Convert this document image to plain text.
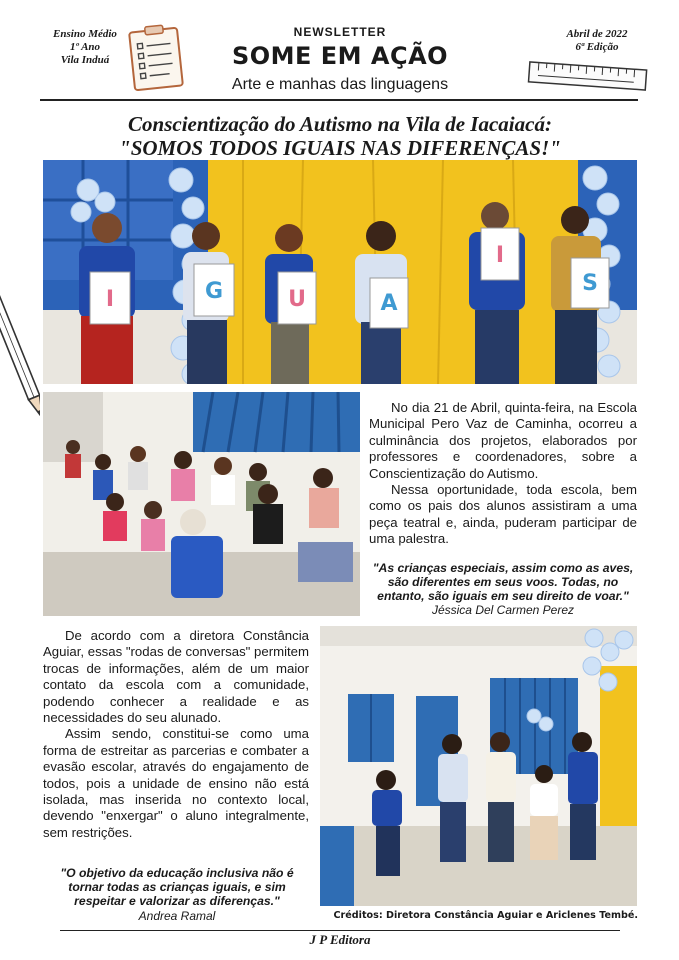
Ensino Médio
1º Ano
Vila Induá
NEWSLETTER
SOME EM AÇÃO
Arte e manhas das linguagens
Abril de 2022
6ª Edição
Conscientização do Autismo na Vila de Iacaiacá:
"SOMOS TODOS IGUAIS NAS DIFERENÇAS!"
I	G	U	A
I
S

No dia 21 de Abril, quinta-feira, na Escola Municipal Pero Vaz de Caminha, ocorreu a culminância dos projetos, elaborados por professores e coordenadores, sobre a Conscientização do Autismo.

Nessa oportunidade, toda escola, bem como os pais dos alunos assistiram a uma peça teatral e, ainda, puderam participar de uma palestra.

"As crianças especiais, assim como as aves, são diferentes em seus voos. Todas, no entanto, são iguais em seu direito de voar."
Jéssica Del Carmen Perez

De acordo com a diretora Constância Aguiar, essas "rodas de conversas" permitem trocas de informações, além de um maior contato da escola com a comunidade, podendo conhecer a realidade e as necessidades do seu alunado.

Assim sendo, constitui-se como uma forma de estreitar as parcerias e combater a evasão escolar, através do engajamento de todos, pois a unidade de ensino não está isolada, mas inserida no contexto local, devendo "enxergar" o aluno integralmente, sem restrições.

"O objetivo da educação inclusiva não é tornar todas as crianças iguais, e sim respeitar e valorizar as diferenças."
Andrea Ramal	Créditos: Diretora Constância Aguiar e Ariclenes Tembé.
J P Editora
